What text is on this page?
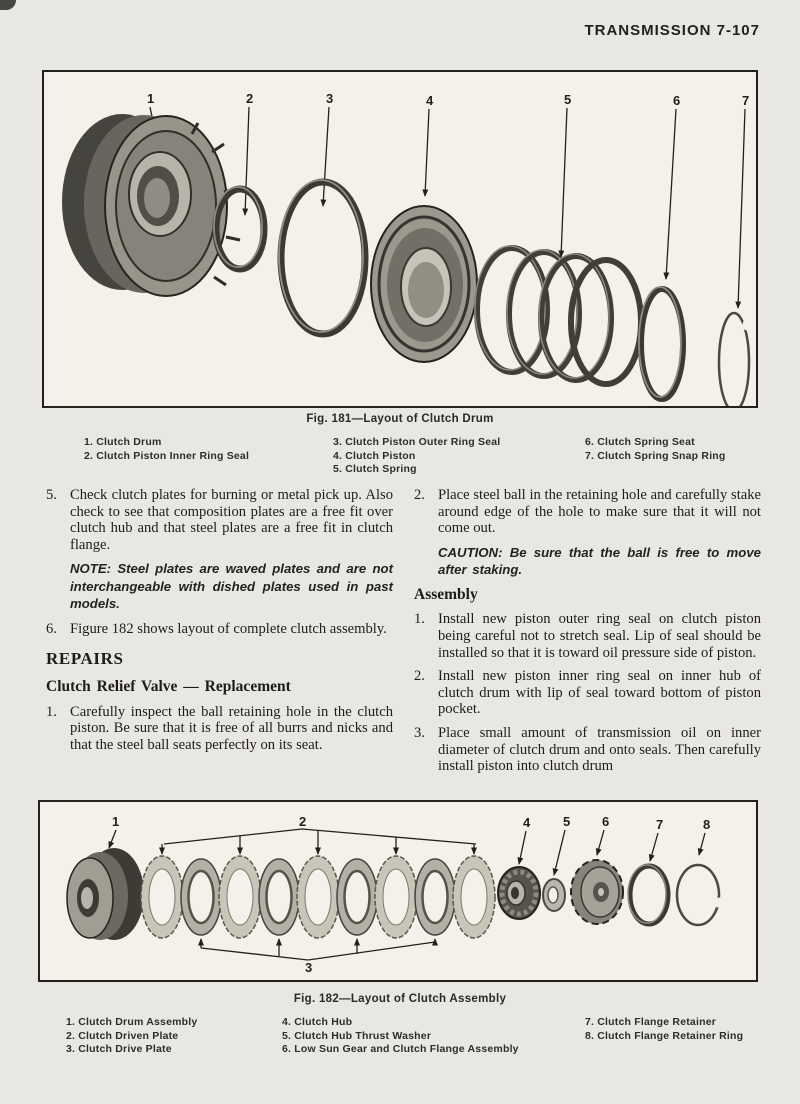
TRANSMISSION 7-107
1	2	3	4	5	6	7
Fig. 181—Layout of Clutch Drum
1. Clutch Drum
2. Clutch Piston Inner Ring Seal
3. Clutch Piston Outer Ring Seal
4. Clutch Piston
5. Clutch Spring
6. Clutch Spring Seat
7. Clutch Spring Snap Ring
5. Check clutch plates for burning or metal pick up. Also check to see that composition plates are a free fit over clutch hub and that steel plates are a free fit in clutch flange.

NOTE: Steel plates are waved plates and are not interchangeable with dished plates used in past models.

6. Figure 182 shows layout of complete clutch assembly.

REPAIRS
Clutch Relief Valve — Replacement
1. Carefully inspect the ball retaining hole in the clutch piston. Be sure that it is free of all burrs and nicks and that the steel ball seats perfectly on its seat.

2. Place steel ball in the retaining hole and carefully stake around edge of the hole to make sure that it will not come out.

CAUTION: Be sure that the ball is free to move after staking.

Assembly
1. Install new piston outer ring seal on clutch piston being careful not to stretch seal. Lip of seal should be installed so that it is toward oil pressure side of piston.

2. Install new piston inner ring seal on inner hub of clutch drum with lip of seal toward bottom of piston pocket.

3. Place small amount of transmission oil on inner diameter of clutch drum and onto seals. Then carefully install piston into clutch drum

1	2
3
4	5 6	7	8
Fig. 182—Layout of Clutch Assembly
1. Clutch Drum Assembly
2. Clutch Driven Plate
3. Clutch Drive Plate
4. Clutch Hub
5. Clutch Hub Thrust Washer
6. Low Sun Gear and Clutch Flange Assembly
7. Clutch Flange Retainer
8. Clutch Flange Retainer Ring
